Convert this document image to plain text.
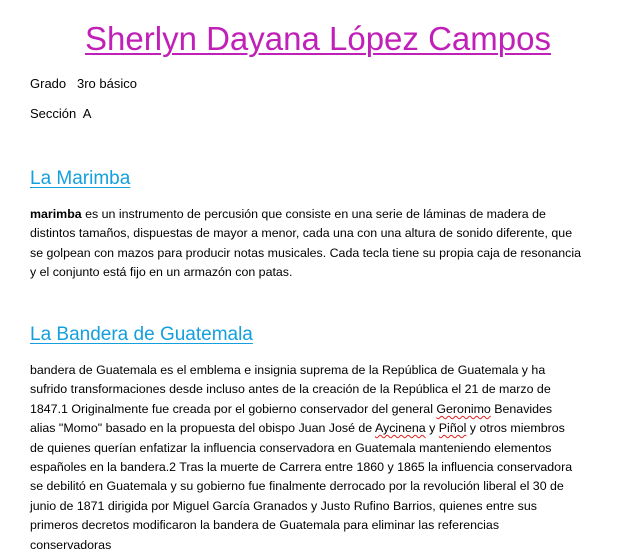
Sherlyn Dayana López Campos
Grado   3ro básico
Sección  A
La Marimba
marimba es un instrumento de percusión que consiste en una serie de láminas de madera de
distintos tamaños, dispuestas de mayor a menor, cada una con una altura de sonido diferente, que
se golpean con mazos para producir notas musicales. Cada tecla tiene su propia caja de resonancia
y el conjunto está fijo en un armazón con patas.
La Bandera de Guatemala
bandera de Guatemala es el emblema e insignia suprema de la República de Guatemala y ha
sufrido transformaciones desde incluso antes de la creación de la República el 21 de marzo de
1847.1 Originalmente fue creada por el gobierno conservador del general Geronimo Benavides
alias "Momo" basado en la propuesta del obispo Juan José de Aycinena y Piñol y otros miembros
de quienes querían enfatizar la influencia conservadora en Guatemala manteniendo elementos
españoles en la bandera.2 Tras la muerte de Carrera entre 1860 y 1865 la influencia conservadora
se debilitó en Guatemala y su gobierno fue finalmente derrocado por la revolución liberal el 30 de
junio de 1871 dirigida por Miguel García Granados y Justo Rufino Barrios, quienes entre sus
primeros decretos modificaron la bandera de Guatemala para eliminar las referencias
conservadoras
